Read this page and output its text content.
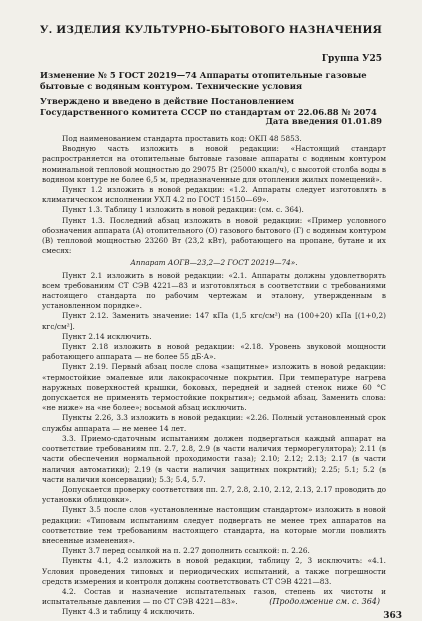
У. ИЗДЕЛИЯ КУЛЬТУРНО-БЫТОВОГО НАЗНАЧЕНИЯ
Группа У25
Изменение № 5 ГОСТ 20219—74 Аппараты отопительные газовые бытовые с водяным контуром. Технические условия
Утверждено и введено в действие Постановлением Государственного комитета СССР по стандартам от 22.06.88 № 2074
Дата введения 01.01.89

Под наименованием стандарта проставить код: ОКП 48 5853.

Вводную часть изложить в новой редакции: «Настоящий стандарт распространяется на отопительные бытовые газовые аппараты с водяным контуром номинальной тепловой мощностью до 29075 Вт (25000 ккал/ч), с высотой столба воды в водяном контуре не более 6,5 м, предназначенные для отопления жилых помещений».

Пункт 1.2 изложить в новой редакции: «1.2. Аппараты следует изготовлять в климатическом исполнении УХЛ 4.2 по ГОСТ 15150—69».

Пункт 1.3. Таблицу 1 изложить в новой редакции: (см. с. 364).

Пункт 1.3. Последний абзац изложить в новой редакции: «Пример условного обозначения аппарата (А) отопительного (О) газового бытового (Г) с водяным контуром (В) тепловой мощностью 23260 Вт (23,2 кВт), работающего на пропане, бутане и их смесях:

Аппарат АОГВ—23,2—2 ГОСТ 20219—74».

Пункт 2.1 изложить в новой редакции: «2.1. Аппараты должны удовлетворять всем требованиям СТ СЭВ 4221—83 и изготовляться в соответствии с требованиями настоящего стандарта по рабочим чертежам и эталону, утвержденным в установленном порядке».

Пункт 2.12. Заменить значение: 147 кПа (1,5 кгс/см²) на (100+20) кПа [(1+0,2) кгс/см²].

Пункт 2.14 исключить.

Пункт 2.18 изложить в новой редакции: «2.18. Уровень звуковой мощности работающего аппарата — не более 55 дБ·А».

Пункт 2.19. Первый абзац после слова «защитные» изложить в новой редакции: «термостойкие эмалевые или лакокрасочные покрытия. При температуре нагрева наружных поверхностей крышки, боковых, передней и задней стенок ниже 60 °С допускается не применять термостойкие покрытия»; седьмой абзац. Заменить слова: «не ниже» на «не более»; восьмой абзац исключить.

Пункты 2.26, 3.3 изложить в новой редакции: «2.26. Полный установленный срок службы аппарата — не менее 14 лет.

3.3. Приемо-сдаточным испытаниям должен подвергаться каждый аппарат на соответствие требованиям пп. 2.7, 2.8, 2.9 (в части наличия терморегулятора); 2.11 (в части обеспечения нормальной проходимости газа); 2.10; 2.12; 2.13; 2.17 (в части наличия автоматики); 2.19 (в части наличия защитных покрытий); 2.25; 5.1; 5.2 (в части наличия консервации); 5.3; 5.4, 5.7.

Допускается проверку соответствия пп. 2.7, 2.8, 2.10, 2.12, 2.13, 2.17 проводить до установки облицовки».

Пункт 3.5 после слов «установленные настоящим стандартом» изложить в новой редакции: «Типовым испытаниям следует подвергать не менее трех аппаратов на соответствие тем требованиям настоящего стандарта, на которые могли повлиять внесенные изменения».

Пункт 3.7 перед ссылкой на п. 2.27 дополнить ссылкой: п. 2.26.

Пункты 4.1, 4.2 изложить в новой редакции, таблицу 2, 3 исключить: «4.1. Условия проведения типовых и периодических испытаний, а также погрешности средств измерения и контроля должны соответствовать СТ СЭВ 4221—83.

4.2. Состав и назначение испытательных газов, степень их чистоты и испытательные давления — по СТ СЭВ 4221—83».

Пункт 4.3 и таблицу 4 исключить.

(Продолжение см. с. 364)
363
